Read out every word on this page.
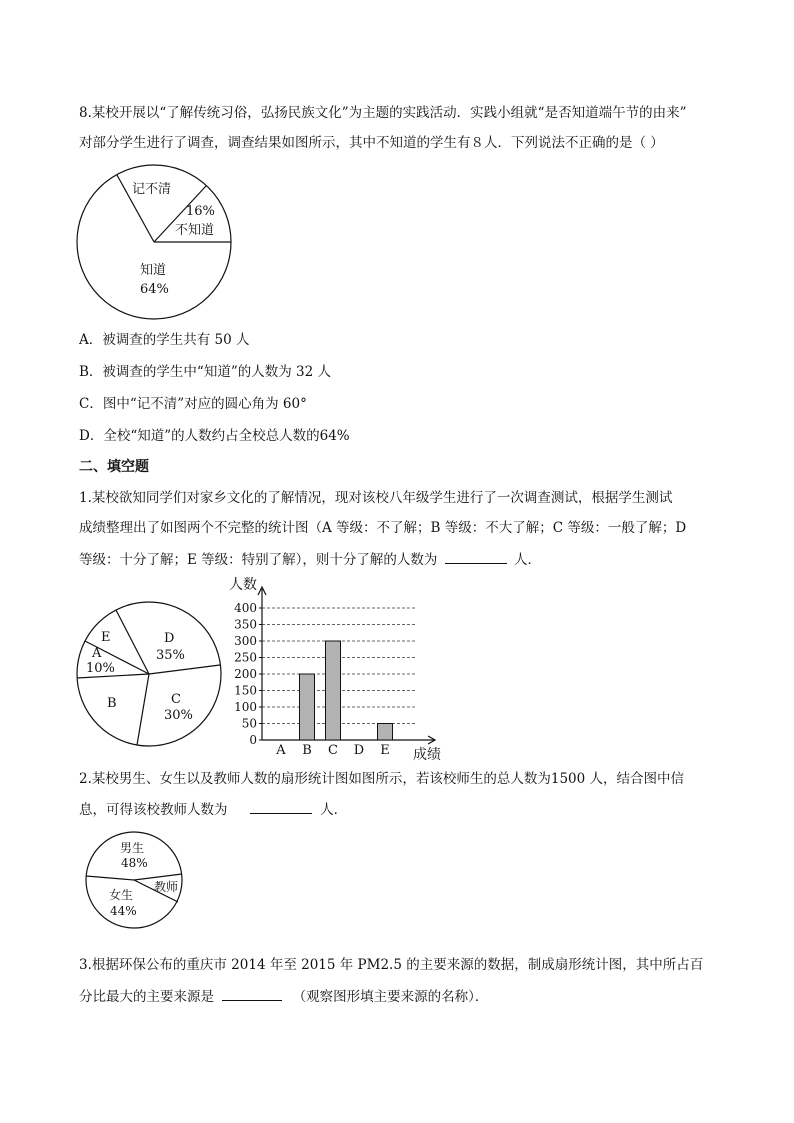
8.某校开展以“了解传统习俗，弘扬民族文化”为主题的实践活动．实践小组就“是否知道端午节的由来”
对部分学生进行了调查，调查结果如图所示，其中不知道的学生有８人．下列说法不正确的是（ ）
记不清
16%
不知道
知道
64%
A．被调查的学生共有 50 人
B．被调查的学生中“知道”的人数为 32 人
C．图中“记不清”对应的圆心角为 60°
D．全校“知道”的人数约占全校总人数的64%
二、填空题
1.某校欲知同学们对家乡文化的了解情况，现对该校八年级学生进行了一次调查测试，根据学生测试
成绩整理出了如图两个不完整的统计图（A 等级：不了解；B 等级：不大了解；C 等级：一般了解；D
等级：十分了解；E 等级：特别了解），则十分了解的人数为	人．
D
35%
E
A
10%
B	C
30%
0
50
100
150
200
250
300
350
400
人数
成绩
A B C D E
2.某校男生、女生以及教师人数的扇形统计图如图所示，若该校师生的总人数为1500 人，结合图中信
息，可得该校教师人数为	人．
男生
48%
教师
女生
44%
3.根据环保公布的重庆市 2014 年至 2015 年 PM2.5 的主要来源的数据，制成扇形统计图，其中所占百
分比最大的主要来源是	（观察图形填主要来源的名称）．
